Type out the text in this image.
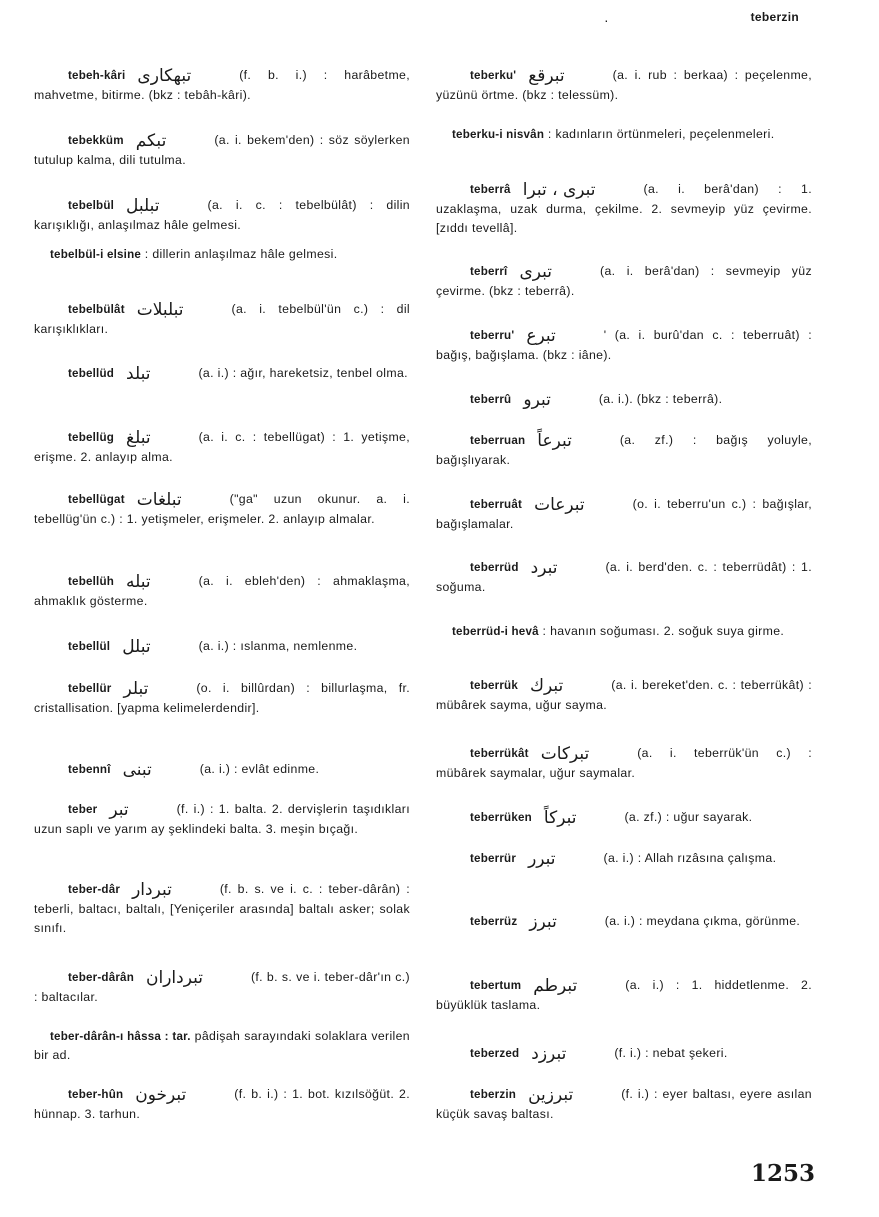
·	teberzin

tebeh-kâri تبهکاری	(f. b. i.) : harâbetme, mahvetme, bitirme. (bkz : tebâh-kâri).

tebekküm تبکم	(a. i. bekem'den) : söz söylerken tutulup kalma, dili tutulma.

tebelbül تبلبل	(a. i. c. : tebelbülât) : dilin karışıklığı, anlaşılmaz hâle gelmesi.

tebelbül-i elsine : dillerin anlaşılmaz hâle gelmesi.

tebelbülât تبلبلات	(a. i. tebelbül'ün c.) : dil karışıklıkları.

tebellüd تبلد	(a. i.) : ağır, hareketsiz, tenbel olma.

tebellüg تبلغ	(a. i. c. : tebellügat) : 1. yetişme, erişme. 2. anlayıp alma.

tebellügat تبلغات	("ga" uzun okunur. a. i. tebellüg'ün c.) : 1. yetişmeler, erişmeler. 2. anlayıp almalar.

tebellüh تبله	(a. i. ebleh'den) : ahmaklaşma, ahmaklık gösterme.

tebellül تبلل	(a. i.) : ıslanma, nemlenme.

tebellür تبلر	(o. i. billûrdan) : billurlaşma, fr. cristallisation. [yapma kelimelerdendir].

tebennî تبنی	(a. i.) : evlât edinme.

teber تبر	(f. i.) : 1. balta. 2. dervişlerin taşıdıkları uzun saplı ve yarım ay şeklindeki balta. 3. meşin bıçağı.

teber-dâr تبردار	(f. b. s. ve i. c. : teber-dârân) : teberli, baltacı, baltalı, [Yeniçeriler arasında] baltalı asker; solak sınıfı.

teber-dârân تبرداران	(f. b. s. ve i. teber-dâr'ın c.) : baltacılar.

teber-dârân-ı hâssa : tar. pâdişah sarayındaki solaklara verilen bir ad.

teber-hûn تبرخون	(f. b. i.) : 1. bot. kızılsöğüt. 2. hünnap. 3. tarhun.

teberku' تبرقع	(a. i. rub : berkaa) : peçelenme, yüzünü örtme. (bkz : telessüm).

teberku-i nisvân : kadınların örtünmeleri, peçelenmeleri.

teberrâ تبری ، تبرا	(a. i. berâ'dan) : 1. uzaklaşma, uzak durma, çekilme. 2. sevmeyip yüz çevirme. [zıddı tevellâ].

teberrî تبری	(a. i. berâ'dan) : sevmeyip yüz çevirme. (bkz : teberrâ).

teberru' تبرع	' (a. i. burû'dan c. : teberruât) : bağış, bağışlama. (bkz : iâne).

teberrû تبرو	(a. i.). (bkz : teberrâ).

teberruan تبرعاً	(a. zf.) : bağış yoluyle, bağışlıyarak.

teberruât تبرعات	(o. i. teberru'un c.) : bağışlar, bağışlamalar.

teberrüd تبرد	(a. i. berd'den. c. : teberrüdât) : 1. soğuma.

teberrüd-i hevâ : havanın soğuması. 2. soğuk suya girme.

teberrük تبرك	(a. i. bereket'den. c. : teberrükât) : mübârek sayma, uğur sayma.

teberrükât تبركات	(a. i. teberrük'ün c.) : mübârek saymalar, uğur saymalar.

teberrüken تبركاً	(a. zf.) : uğur sayarak.

teberrür تبرر	(a. i.) : Allah rızâsına çalışma.

teberrüz تبرز	(a. i.) : meydana çıkma, görünme.

tebertum تبرطم	(a. i.) : 1. hiddetlenme. 2. büyüklük taslama.

teberzed تبرزد	(f. i.) : nebat şekeri.

teberzin تبرزين	(f. i.) : eyer baltası, eyere asılan küçük savaş baltası.

1253
